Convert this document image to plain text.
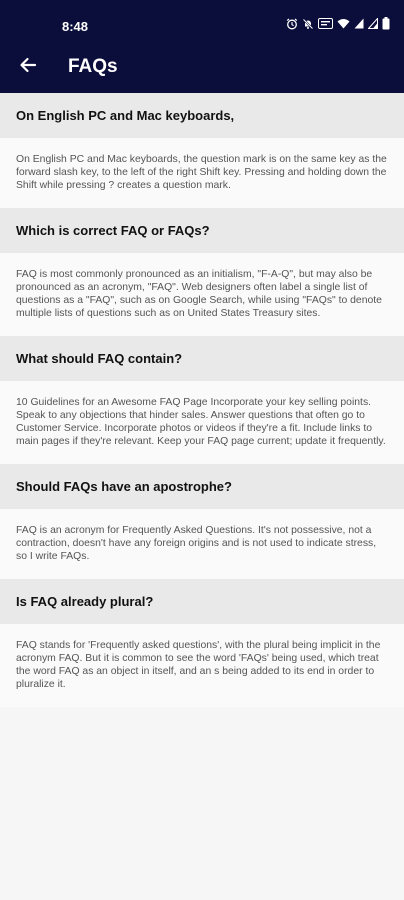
8:48
FAQs
On English PC and Mac keyboards,
On English PC and Mac keyboards, the question mark is on the same key as the forward slash key, to the left of the right Shift key. Pressing and holding down the Shift while pressing ? creates a question mark.
Which is correct FAQ or FAQs?
FAQ is most commonly pronounced as an initialism, "F-A-Q", but may also be pronounced as an acronym, "FAQ". Web designers often label a single list of questions as a "FAQ", such as on Google Search, while using "FAQs" to denote multiple lists of questions such as on United States Treasury sites.
What should FAQ contain?
10 Guidelines for an Awesome FAQ Page Incorporate your key selling points. Speak to any objections that hinder sales. Answer questions that often go to Customer Service. Incorporate photos or videos if they're a fit. Include links to main pages if they're relevant. Keep your FAQ page current; update it frequently.
Should FAQs have an apostrophe?
FAQ is an acronym for Frequently Asked Questions. It's not possessive, not a contraction, doesn't have any foreign origins and is not used to indicate stress, so I write FAQs.
Is FAQ already plural?
FAQ stands for 'Frequently asked questions', with the plural being implicit in the acronym FAQ. But it is common to see the word 'FAQs' being used, which treat the word FAQ as an object in itself, and an s being added to its end in order to pluralize it.
